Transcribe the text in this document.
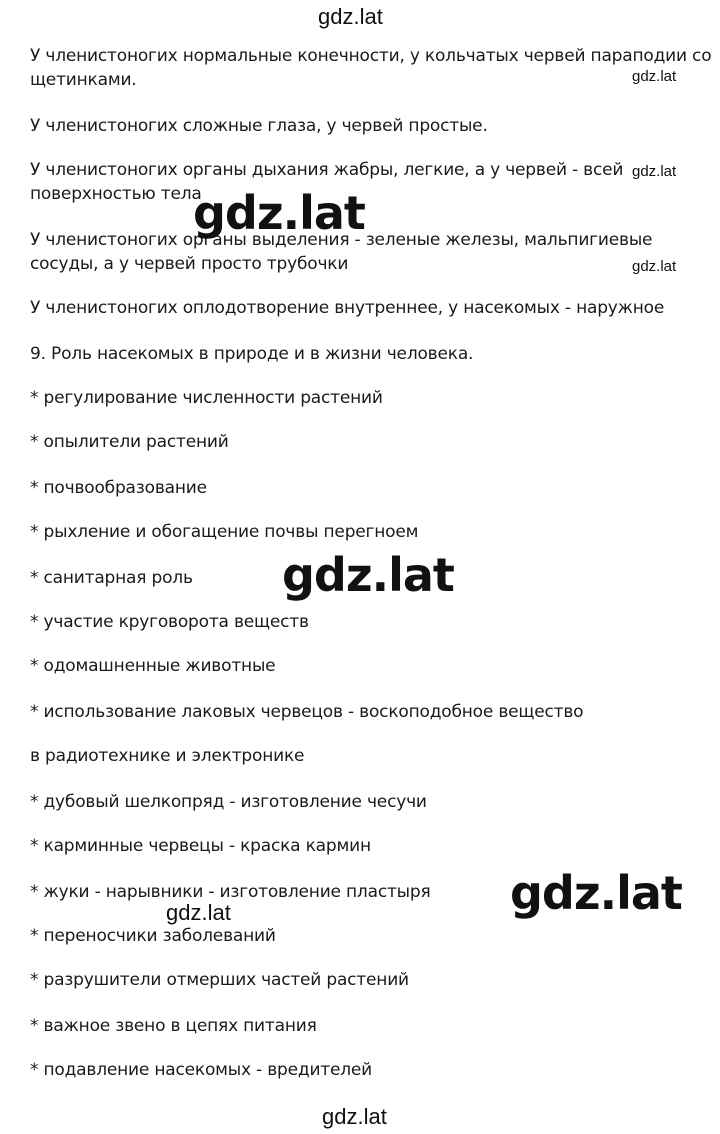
gdz.lat
gdz.lat
gdz.lat
gdz.lat
У членистоногих нормальные конечности, у кольчатых червей параподии со
щетинками.
У членистоногих сложные глаза, у червей простые.
У членистоногих органы дыхания жабры, легкие, а у червей - всей
поверхностью тела
У членистоногих органы выделения - зеленые железы, мальпигиевые
сосуды, а у червей просто трубочки
У членистоногих оплодотворение внутреннее, у насекомых - наружное
9. Роль насекомых в природе и в жизни человека.
* регулирование численности растений
* опылители растений
* почвообразование
* рыхление и обогащение почвы перегноем
* санитарная роль
* участие круговорота веществ
* одомашненные животные
* использование лаковых червецов - воскоподобное вещество
в радиотехнике и электронике
* дубовый шелкопряд - изготовление чесучи
* карминные червецы - краска кармин
* жуки - нарывники - изготовление пластыря
* переносчики заболеваний
* разрушители отмерших частей растений
* важное звено в цепях питания
* подавление насекомых - вредителей
gdz.lat
gdz.lat
gdz.lat
gdz.lat
gdz.lat
